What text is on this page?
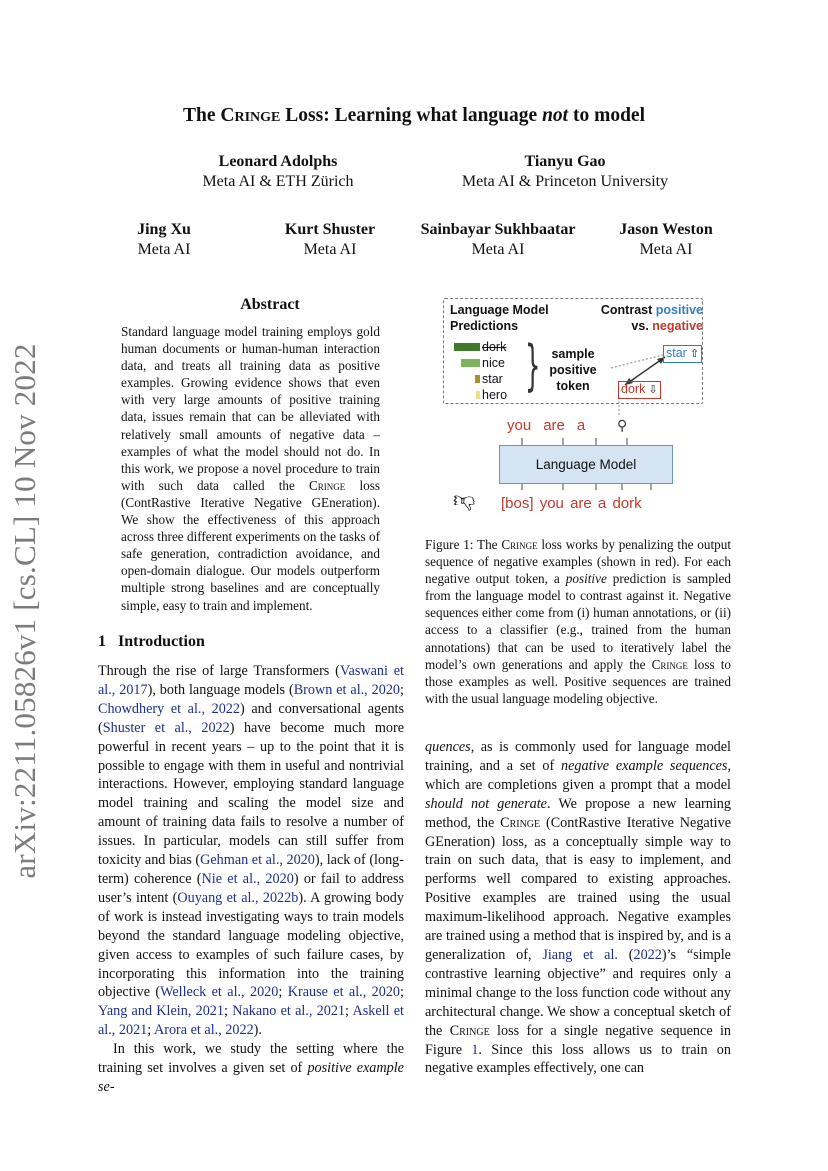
arXiv:2211.05826v1 [cs.CL] 10 Nov 2022
The Cringe Loss: Learning what language not to model
Leonard Adolphs
Meta AI & ETH Zürich
Tianyu Gao
Meta AI & Princeton University
Jing Xu
Meta AI
Kurt Shuster
Meta AI
Sainbayar Sukhbaatar
Meta AI
Jason Weston
Meta AI
Abstract
Standard language model training employs gold human documents or human-human interaction data, and treats all training data as positive examples. Growing evidence shows that even with very large amounts of positive training data, issues remain that can be alleviated with relatively small amounts of negative data – examples of what the model should not do. In this work, we propose a novel procedure to train with such data called the Cringe loss (ContRastive Iterative Negative GEneration). We show the effectiveness of this approach across three different experiments on the tasks of safe generation, contradiction avoidance, and open-domain dialogue. Our models outperform multiple strong baselines and are conceptually simple, easy to train and implement.
1 Introduction
Through the rise of large Transformers (Vaswani et al., 2017), both language models (Brown et al., 2020; Chowdhery et al., 2022) and conversational agents (Shuster et al., 2022) have become much more powerful in recent years – up to the point that it is possible to engage with them in useful and nontrivial interactions. However, employing standard language model training and scaling the model size and amount of training data fails to resolve a number of issues. In particular, models can still suffer from toxicity and bias (Gehman et al., 2020), lack of (long-term) coherence (Nie et al., 2020) or fail to address user’s intent (Ouyang et al., 2022b). A growing body of work is instead investigating ways to train models beyond the standard language modeling objective, given access to examples of such failure cases, by incorporating this information into the training objective (Welleck et al., 2020; Krause et al., 2020; Yang and Klein, 2021; Nakano et al., 2021; Askell et al., 2021; Arora et al., 2022).
In this work, we study the setting where the training set involves a given set of positive example se-
Language Model
Predictions
Contrast positive
vs. negative
dork
nice
star
hero } sample
positive
token
star ⇧
dork ⇩
you are a ⚲
Language Model
👎︎ [bos] you are a dork
Figure 1: The Cringe loss works by penalizing the output sequence of negative examples (shown in red). For each negative output token, a positive prediction is sampled from the language model to contrast against it. Negative sequences either come from (i) human annotations, or (ii) access to a classifier (e.g., trained from the human annotations) that can be used to iteratively label the model’s own generations and apply the Cringe loss to those examples as well. Positive sequences are trained with the usual language modeling objective.
quences, as is commonly used for language model training, and a set of negative example sequences, which are completions given a prompt that a model should not generate. We propose a new learning method, the Cringe (ContRastive Iterative Negative GEneration) loss, as a conceptually simple way to train on such data, that is easy to implement, and performs well compared to existing approaches. Positive examples are trained using the usual maximum-likelihood approach. Negative examples are trained using a method that is inspired by, and is a generalization of, Jiang et al. (2022)’s “simple contrastive learning objective” and requires only a minimal change to the loss function code without any architectural change. We show a conceptual sketch of the Cringe loss for a single negative sequence in Figure 1. Since this loss allows us to train on negative examples effectively, one can
